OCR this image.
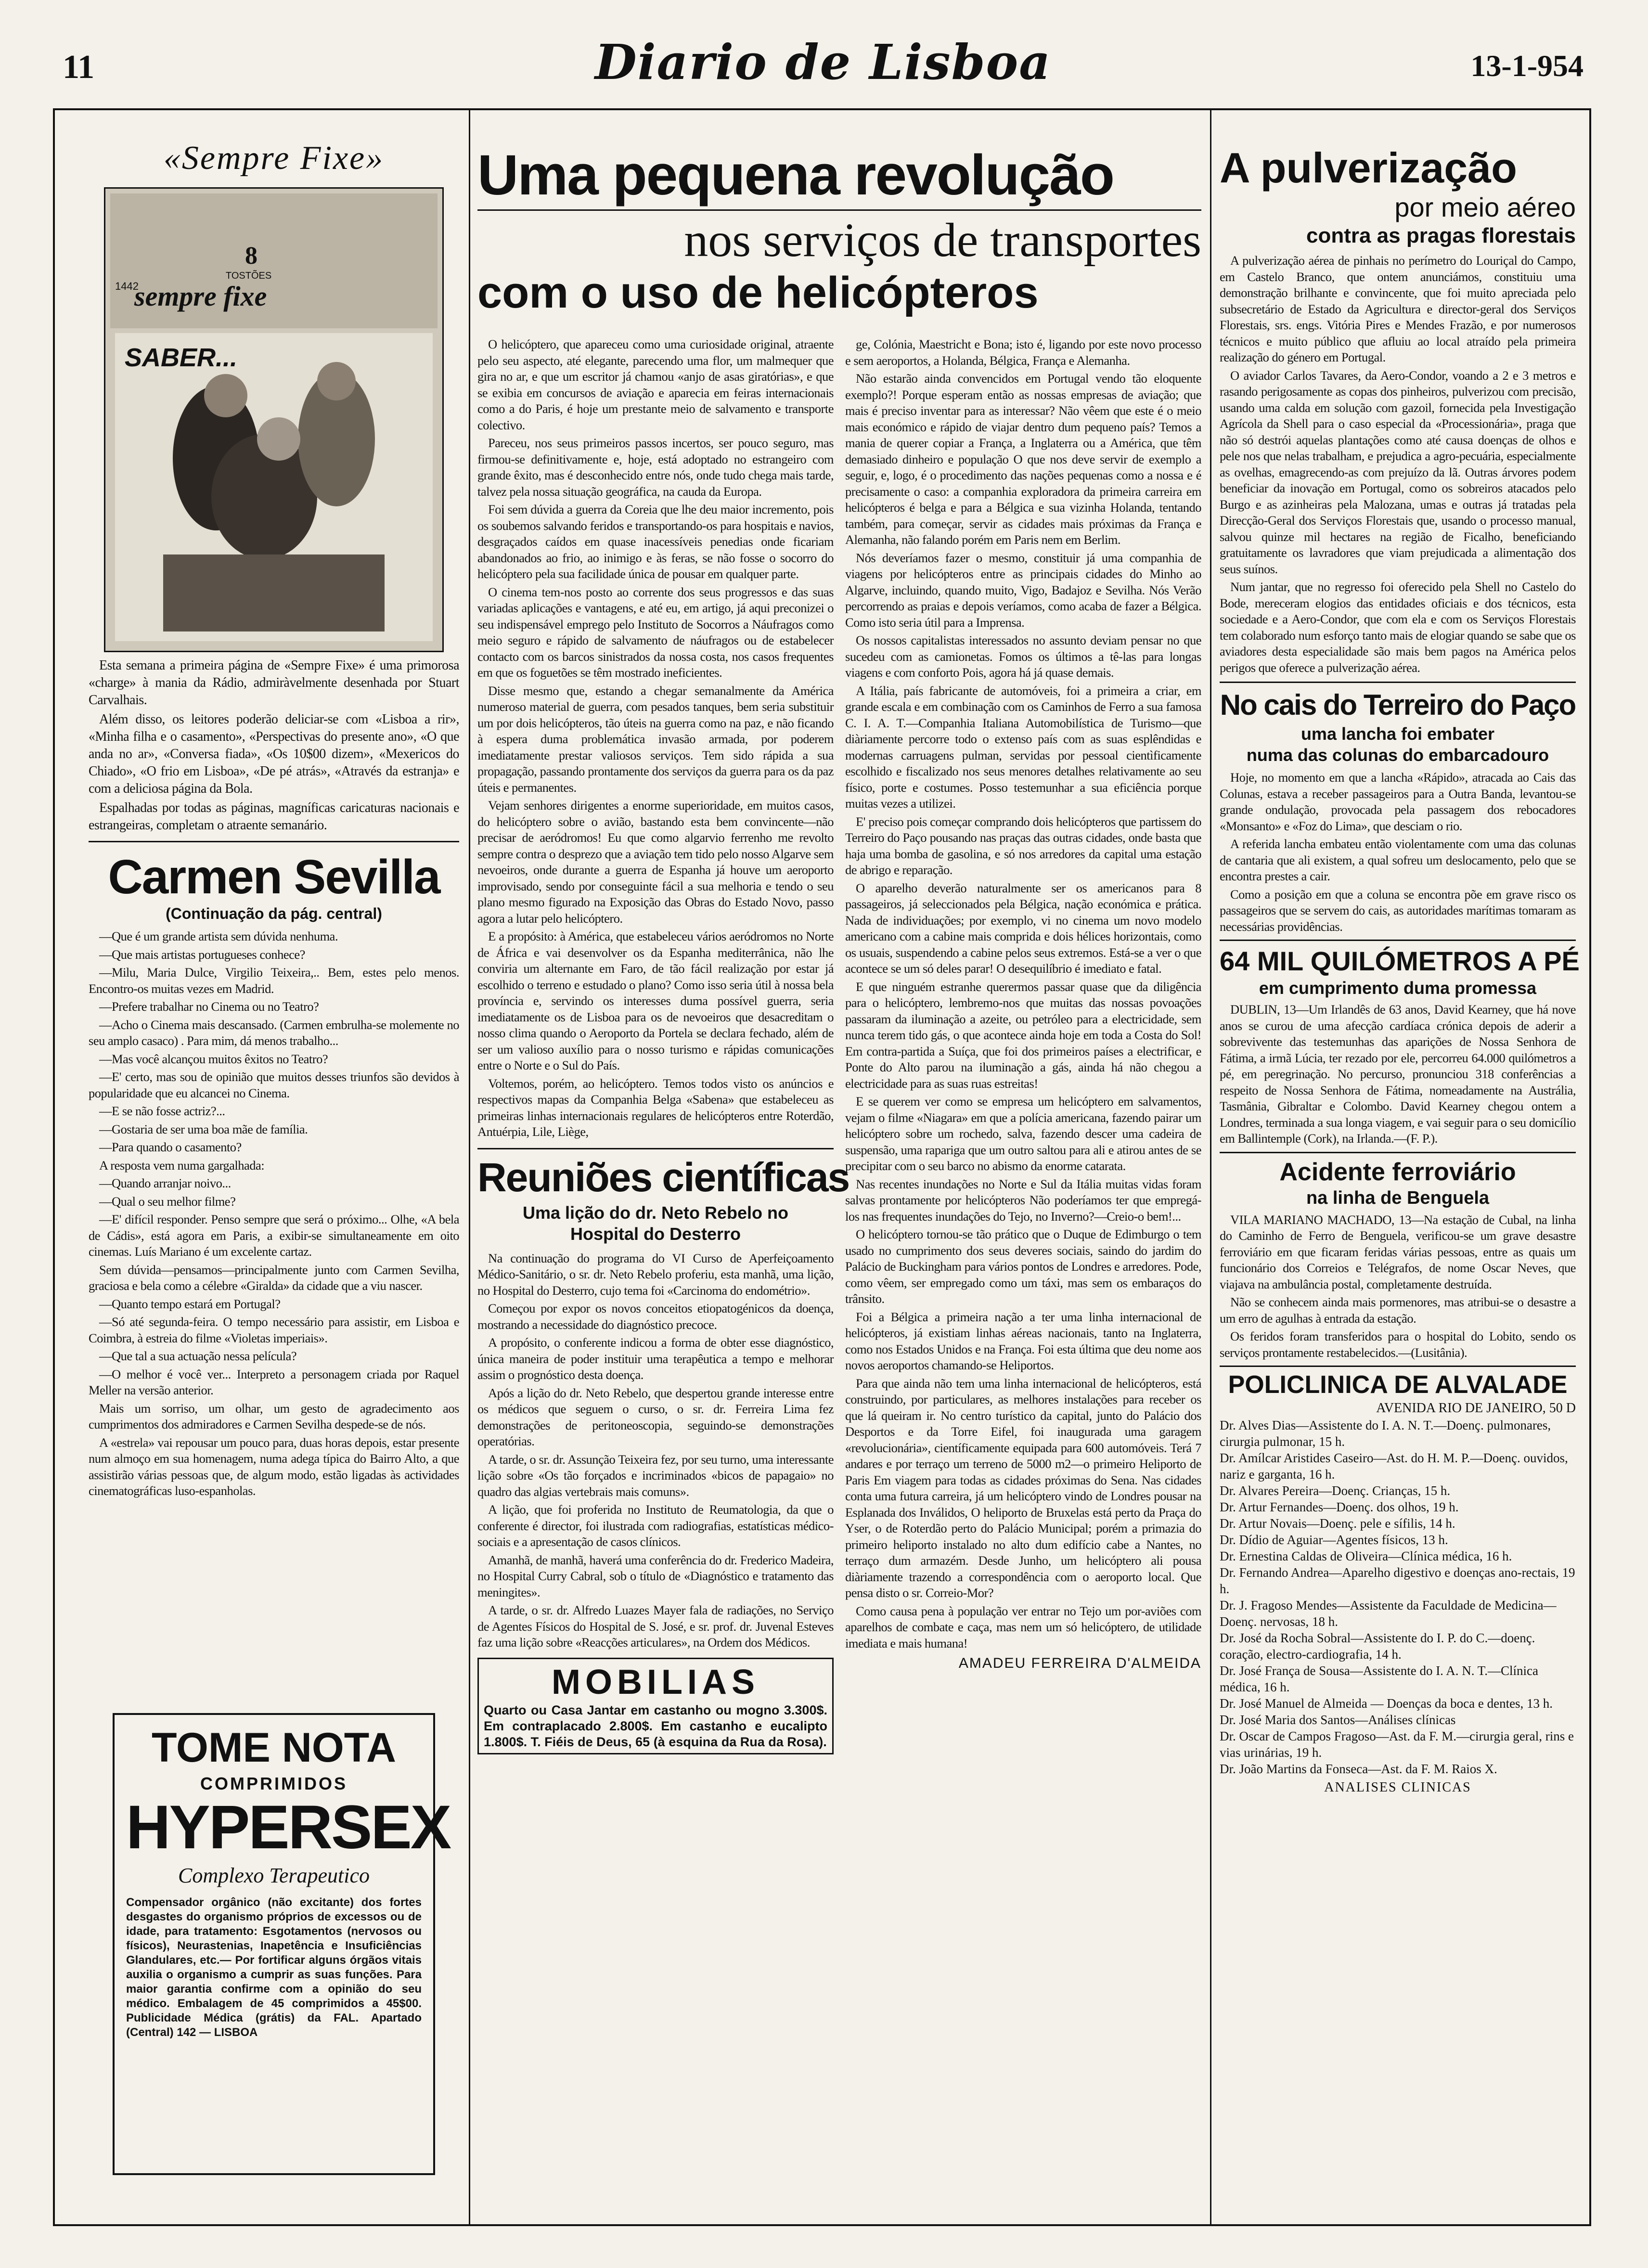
11	Diario de Lisboa	13-1-954
«Sempre Fixe»
8
TOSTÕES
sempre fixe
1442
SABER...

Esta semana a primeira página de «Sempre Fixe» é uma primorosa «charge» à mania da Rádio, admiràvelmente desenhada por Stuart Carvalhais.

Além disso, os leitores poderão deliciar-se com «Lisboa a rir», «Minha filha e o casamento», «Perspectivas do presente ano», «O que anda no ar», «Conversa fiada», «Os 10$00 dizem», «Mexericos do Chiado», «O frio em Lisboa», «De pé atrás», «Através da estranja» e com a deliciosa página da Bola.

Espalhadas por todas as páginas, magníficas caricaturas nacionais e estrangeiras, completam o atraente semanário.

Carmen Sevilla
(Continuação da pág. central)

—Que é um grande artista sem dúvida nenhuma.

—Que mais artistas portugueses conhece?

—Milu, Maria Dulce, Virgilio Teixeira,.. Bem, estes pelo menos. Encontro-os muitas vezes em Madrid.

—Prefere trabalhar no Cinema ou no Teatro?

—Acho o Cinema mais descansado. (Carmen embrulha-se molemente no seu amplo casaco) . Para mim, dá menos trabalho...

—Mas você alcançou muitos êxitos no Teatro?

—E' certo, mas sou de opinião que muitos desses triunfos são devidos à popularidade que eu alcancei no Cinema.

—E se não fosse actriz?...

—Gostaria de ser uma boa mãe de família.

—Para quando o casamento?

A resposta vem numa gargalhada:

—Quando arranjar noivo...

—Qual o seu melhor filme?

—E' difícil responder. Penso sempre que será o próximo... Olhe, «A bela de Cádis», está agora em Paris, a exibir-se simultaneamente em oito cinemas. Luís Mariano é um excelente cartaz.

Sem dúvida—pensamos—principalmente junto com Carmen Sevilha, graciosa e bela como a célebre «Giralda» da cidade que a viu nascer.

—Quanto tempo estará em Portugal?

—Só até segunda-feira. O tempo necessário para assistir, em Lisboa e Coimbra, à estreia do filme «Violetas imperiais».

—Que tal a sua actuação nessa película?

—O melhor é você ver... Interpreto a personagem criada por Raquel Meller na versão anterior.

Mais um sorriso, um olhar, um gesto de agradecimento aos cumprimentos dos admiradores e Carmen Sevilha despede-se de nós.

A «estrela» vai repousar um pouco para, duas horas depois, estar presente num almoço em sua homenagem, numa adega típica do Bairro Alto, a que assistirão várias pessoas que, de algum modo, estão ligadas às actividades cinematográficas luso-espanholas.

TOME NOTA
COMPRIMIDOS
HYPERSEX
Complexo Terapeutico
Compensador orgânico (não excitante) dos fortes desgastes do organismo próprios de excessos ou de idade, para tratamento: Esgotamentos (nervosos ou físicos), Neurastenias, Inapetência e Insuficiências Glandulares, etc.— Por fortificar alguns órgãos vitais auxilia o organismo a cumprir as suas funções. Para maior garantia confirme com a opinião do seu médico. Embalagem de 45 comprimidos a 45$00. Publicidade Médica (grátis) da FAL. Apartado (Central) 142 — LISBOA
Uma pequena revolução
nos serviços de transportes
com o uso de helicópteros

O helicóptero, que apareceu como uma curiosidade original, atraente pelo seu aspecto, até elegante, parecendo uma flor, um malmequer que gira no ar, e que um escritor já chamou «anjo de asas giratórias», e que se exibia em concursos de aviação e aparecia em feiras internacionais como a do Paris, é hoje um prestante meio de salvamento e transporte colectivo.

Pareceu, nos seus primeiros passos incertos, ser pouco seguro, mas firmou-se definitivamente e, hoje, está adoptado no estrangeiro com grande êxito, mas é desconhecido entre nós, onde tudo chega mais tarde, talvez pela nossa situação geográfica, na cauda da Europa.

Foi sem dúvida a guerra da Coreia que lhe deu maior incremento, pois os soubemos salvando feridos e transportando-os para hospitais e navios, desgraçados caídos em quase inacessíveis penedias onde ficariam abandonados ao frio, ao inimigo e às feras, se não fosse o socorro do helicóptero pela sua facilidade única de pousar em qualquer parte.

O cinema tem-nos posto ao corrente dos seus progressos e das suas variadas aplicações e vantagens, e até eu, em artigo, já aqui preconizei o seu indispensável emprego pelo Instituto de Socorros a Náufragos como meio seguro e rápido de salvamento de náufragos ou de estabelecer contacto com os barcos sinistrados da nossa costa, nos casos frequentes em que os foguetões se têm mostrado ineficientes.

Disse mesmo que, estando a chegar semanalmente da América numeroso material de guerra, com pesados tanques, bem seria substituir um por dois helicópteros, tão úteis na guerra como na paz, e não ficando à espera duma problemática invasão armada, por poderem imediatamente prestar valiosos serviços. Tem sido rápida a sua propagação, passando prontamente dos serviços da guerra para os da paz úteis e permanentes.

Vejam senhores dirigentes a enorme superioridade, em muitos casos, do helicóptero sobre o avião, bastando esta bem convincente—não precisar de aeródromos! Eu que como algarvio ferrenho me revolto sempre contra o desprezo que a aviação tem tido pelo nosso Algarve sem nevoeiros, onde durante a guerra de Espanha já houve um aeroporto improvisado, sendo por conseguinte fácil a sua melhoria e tendo o seu plano mesmo figurado na Exposição das Obras do Estado Novo, passo agora a lutar pelo helicóptero.

E a propósito: à América, que estabeleceu vários aeródromos no Norte de África e vai desenvolver os da Espanha mediterrânica, não lhe conviria um alternante em Faro, de tão fácil realização por estar já escolhido o terreno e estudado o plano? Como isso seria útil à nossa bela província e, servindo os interesses duma possível guerra, seria imediatamente os de Lisboa para os de nevoeiros que desacreditam o nosso clima quando o Aeroporto da Portela se declara fechado, além de ser um valioso auxílio para o nosso turismo e rápidas comunicações entre o Norte e o Sul do País.

Voltemos, porém, ao helicóptero. Temos todos visto os anúncios e respectivos mapas da Companhia Belga «Sabena» que estabeleceu as primeiras linhas internacionais regulares de helicópteros entre Roterdão, Antuérpia, Lile, Liège,

Reuniões científicas
Uma lição do dr. Neto Rebelo no Hospital do Desterro

Na continuação do programa do VI Curso de Aperfeiçoamento Médico-Sanitário, o sr. dr. Neto Rebelo proferiu, esta manhã, uma lição, no Hospital do Desterro, cujo tema foi «Carcinoma do endométrio».

Começou por expor os novos conceitos etiopatogénicos da doença, mostrando a necessidade do diagnóstico precoce.

A propósito, o conferente indicou a forma de obter esse diagnóstico, única maneira de poder instituir uma terapêutica a tempo e melhorar assim o prognóstico desta doença.

Após a lição do dr. Neto Rebelo, que despertou grande interesse entre os médicos que seguem o curso, o sr. dr. Ferreira Lima fez demonstrações de peritoneoscopia, seguindo-se demonstrações operatórias.

A tarde, o sr. dr. Assunção Teixeira fez, por seu turno, uma interessante lição sobre «Os tão forçados e incriminados «bicos de papagaio» no quadro das algias vertebrais mais comuns».

A lição, que foi proferida no Instituto de Reumatologia, da que o conferente é director, foi ilustrada com radiografias, estatísticas médico-sociais e a apresentação de casos clínicos.

Amanhã, de manhã, haverá uma conferência do dr. Frederico Madeira, no Hospital Curry Cabral, sob o título de «Diagnóstico e tratamento das meningites».

A tarde, o sr. dr. Alfredo Luazes Mayer fala de radiações, no Serviço de Agentes Físicos do Hospital de S. José, e sr. prof. dr. Juvenal Esteves faz uma lição sobre «Reacções articulares», na Ordem dos Médicos.

MOBILIAS
Quarto ou Casa Jantar em castanho ou mogno 3.300$. Em contraplacado 2.800$. Em castanho e eucalipto 1.800$. T. Fiéis de Deus, 65 (à esquina da Rua da Rosa).

ge, Colónia, Maestricht e Bona; isto é, ligando por este novo processo e sem aeroportos, a Holanda, Bélgica, França e Alemanha.

Não estarão ainda convencidos em Portugal vendo tão eloquente exemplo?! Porque esperam então as nossas empresas de aviação; que mais é preciso inventar para as interessar? Não vêem que este é o meio mais económico e rápido de viajar dentro dum pequeno país? Temos a mania de querer copiar a França, a Inglaterra ou a América, que têm demasiado dinheiro e população O que nos deve servir de exemplo a seguir, e, logo, é o procedimento das nações pequenas como a nossa e é precisamente o caso: a companhia exploradora da primeira carreira em helicópteros é belga e para a Bélgica e sua vizinha Holanda, tentando também, para começar, servir as cidades mais próximas da França e Alemanha, não falando porém em Paris nem em Berlim.

Nós deveríamos fazer o mesmo, constituir já uma companhia de viagens por helicópteros entre as principais cidades do Minho ao Algarve, incluindo, quando muito, Vigo, Badajoz e Sevilha. Nós Verão percorrendo as praias e depois veríamos, como acaba de fazer a Bélgica. Como isto seria útil para a Imprensa.

Os nossos capitalistas interessados no assunto deviam pensar no que sucedeu com as camionetas. Fomos os últimos a tê-las para longas viagens e com conforto Pois, agora há já quase demais.

A Itália, país fabricante de automóveis, foi a primeira a criar, em grande escala e em combinação com os Caminhos de Ferro a sua famosa C. I. A. T.—Companhia Italiana Automobilística de Turismo—que diàriamente percorre todo o extenso país com as suas esplêndidas e modernas carruagens pulman, servidas por pessoal cientìficamente escolhido e fiscalizado nos seus menores detalhes relativamente ao seu físico, porte e costumes. Posso testemunhar a sua eficiência porque muitas vezes a utilizei.

E' preciso pois começar comprando dois helicópteros que partissem do Terreiro do Paço pousando nas praças das outras cidades, onde basta que haja uma bomba de gasolina, e só nos arredores da capital uma estação de abrigo e reparação.

O aparelho deverão naturalmente ser os americanos para 8 passageiros, já seleccionados pela Bélgica, nação económica e prática. Nada de individuações; por exemplo, vi no cinema um novo modelo americano com a cabine mais comprida e dois hélices horizontais, como os usuais, suspendendo a cabine pelos seus extremos. Está-se a ver o que acontece se um só deles parar! O desequilíbrio é imediato e fatal.

E que ninguém estranhe querermos passar quase que da diligência para o helicóptero, lembremo-nos que muitas das nossas povoações passaram da iluminação a azeite, ou petróleo para a electricidade, sem nunca terem tido gás, o que acontece ainda hoje em toda a Costa do Sol! Em contra-partida a Suíça, que foi dos primeiros países a electrificar, e Ponte do Alto parou na iluminação a gás, ainda há não chegou a electricidade para as suas ruas estreitas!

E se querem ver como se empresa um helicóptero em salvamentos, vejam o filme «Niagara» em que a polícia americana, fazendo pairar um helicóptero sobre um rochedo, salva, fazendo descer uma cadeira de suspensão, uma rapariga que um outro saltou para ali e atirou antes de se precipitar com o seu barco no abismo da enorme catarata.

Nas recentes inundações no Norte e Sul da Itália muitas vidas foram salvas prontamente por helicópteros Não poderíamos ter que empregá-los nas frequentes inundações do Tejo, no Inverno?—Creio-o bem!...

O helicóptero tornou-se tão prático que o Duque de Edimburgo o tem usado no cumprimento dos seus deveres sociais, saindo do jardim do Palácio de Buckingham para vários pontos de Londres e arredores. Pode, como vêem, ser empregado como um táxi, mas sem os embaraços do trânsito.

Foi a Bélgica a primeira nação a ter uma linha internacional de helicópteros, já existiam linhas aéreas nacionais, tanto na Inglaterra, como nos Estados Unidos e na França. Foi esta última que deu nome aos novos aeroportos chamando-se Heliportos.

Para que ainda não tem uma linha internacional de helicópteros, está construindo, por particulares, as melhores instalações para receber os que lá queiram ir. No centro turístico da capital, junto do Palácio dos Desportos e da Torre Eifel, foi inaugurada uma garagem «revolucionária», científicamente equipada para 600 automóveis. Terá 7 andares e por terraço um terreno de 5000 m2—o primeiro Heliporto de Paris Em viagem para todas as cidades próximas do Sena. Nas cidades conta uma futura carreira, já um helicóptero vindo de Londres pousar na Esplanada dos Inválidos, O heliporto de Bruxelas está perto da Praça do Yser, o de Roterdão perto do Palácio Municipal; porém a primazia do primeiro heliporto instalado no alto dum edifício cabe a Nantes, no terraço dum armazém. Desde Junho, um helicóptero ali pousa diàriamente trazendo a correspondência com o aeroporto local. Que pensa disto o sr. Correio-Mor?

Como causa pena à população ver entrar no Tejo um por-aviões com aparelhos de combate e caça, mas nem um só helicóptero, de utilidade imediata e mais humana!

AMADEU FERREIRA D'ALMEIDA
A pulverização
por meio aéreo
contra as pragas florestais

A pulverização aérea de pinhais no perímetro do Louriçal do Campo, em Castelo Branco, que ontem anunciámos, constituiu uma demonstração brilhante e convincente, que foi muito apreciada pelo subsecretário de Estado da Agricultura e director-geral dos Serviços Florestais, srs. engs. Vitória Pires e Mendes Frazão, e por numerosos técnicos e muito público que afluiu ao local atraído pela primeira realização do género em Portugal.

O aviador Carlos Tavares, da Aero-Condor, voando a 2 e 3 metros e rasando perigosamente as copas dos pinheiros, pulverizou com precisão, usando uma calda em solução com gazoil, fornecida pela Investigação Agrícola da Shell para o caso especial da «Processionária», praga que não só destrói aquelas plantações como até causa doenças de olhos e pele nos que nelas trabalham, e prejudica a agro-pecuária, especialmente as ovelhas, emagrecendo-as com prejuízo da lã. Outras árvores podem beneficiar da inovação em Portugal, como os sobreiros atacados pelo Burgo e as azinheiras pela Malozana, umas e outras já tratadas pela Direcção-Geral dos Serviços Florestais que, usando o processo manual, salvou quinze mil hectares na região de Ficalho, beneficiando gratuitamente os lavradores que viam prejudicada a alimentação dos seus suínos.

Num jantar, que no regresso foi oferecido pela Shell no Castelo do Bode, mereceram elogios das entidades oficiais e dos técnicos, esta sociedade e a Aero-Condor, que com ela e com os Serviços Florestais tem colaborado num esforço tanto mais de elogiar quando se sabe que os aviadores desta especialidade são mais bem pagos na América pelos perigos que oferece a pulverização aérea.

No cais do Terreiro do Paço
uma lancha foi embater
numa das colunas do embarcadouro

Hoje, no momento em que a lancha «Rápido», atracada ao Cais das Colunas, estava a receber passageiros para a Outra Banda, levantou-se grande ondulação, provocada pela passagem dos rebocadores «Monsanto» e «Foz do Lima», que desciam o rio.

A referida lancha embateu então violentamente com uma das colunas de cantaria que ali existem, a qual sofreu um deslocamento, pelo que se encontra prestes a cair.

Como a posição em que a coluna se encontra põe em grave risco os passageiros que se servem do cais, as autoridades marítimas tomaram as necessárias providências.

64 MIL QUILÓMETROS A PÉ
em cumprimento duma promessa

DUBLIN, 13—Um Irlandês de 63 anos, David Kearney, que há nove anos se curou de uma afecção cardíaca crónica depois de aderir a sobrevivente das testemunhas das aparições de Nossa Senhora de Fátima, a irmã Lúcia, ter rezado por ele, percorreu 64.000 quilómetros a pé, em peregrinação. No percurso, pronunciou 318 conferências a respeito de Nossa Senhora de Fátima, nomeadamente na Austrália, Tasmânia, Gibraltar e Colombo. David Kearney chegou ontem a Londres, terminada a sua longa viagem, e vai seguir para o seu domicílio em Ballintemple (Cork), na Irlanda.—(F. P.).

Acidente ferroviário
na linha de Benguela

VILA MARIANO MACHADO, 13—Na estação de Cubal, na linha do Caminho de Ferro de Benguela, verificou-se um grave desastre ferroviário em que ficaram feridas várias pessoas, entre as quais um funcionário dos Correios e Telégrafos, de nome Oscar Neves, que viajava na ambulância postal, completamente destruída.

Não se conhecem ainda mais pormenores, mas atribui-se o desastre a um erro de agulhas à entrada da estação.

Os feridos foram transferidos para o hospital do Lobito, sendo os serviços prontamente restabelecidos.—(Lusitânia).

POLICLINICA DE ALVALADE
AVENIDA RIO DE JANEIRO, 50 D

Dr. Alves Dias—Assistente do I. A. N. T.—Doenç. pulmonares, cirurgia pulmonar, 15 h.

Dr. Amílcar Aristides Caseiro—Ast. do H. M. P.—Doenç. ouvidos, nariz e garganta, 16 h.

Dr. Alvares Pereira—Doenç. Crianças, 15 h.

Dr. Artur Fernandes—Doenç. dos olhos, 19 h.

Dr. Artur Novais—Doenç. pele e sífilis, 14 h.

Dr. Dídio de Aguiar—Agentes físicos, 13 h.

Dr. Ernestina Caldas de Oliveira—Clínica médica, 16 h.

Dr. Fernando Andrea—Aparelho digestivo e doenças ano-rectais, 19 h.

Dr. J. Fragoso Mendes—Assistente da Faculdade de Medicina—Doenç. nervosas, 18 h.

Dr. José da Rocha Sobral—Assistente do I. P. do C.—doenç. coração, electro-cardiografia, 14 h.

Dr. José França de Sousa—Assistente do I. A. N. T.—Clínica médica, 16 h.

Dr. José Manuel de Almeida — Doenças da boca e dentes, 13 h.

Dr. José Maria dos Santos—Análises clínicas

Dr. Oscar de Campos Fragoso—Ast. da F. M.—cirurgia geral, rins e vias urinárias, 19 h.

Dr. João Martins da Fonseca—Ast. da F. M. Raios X.

ANALISES CLINICAS
